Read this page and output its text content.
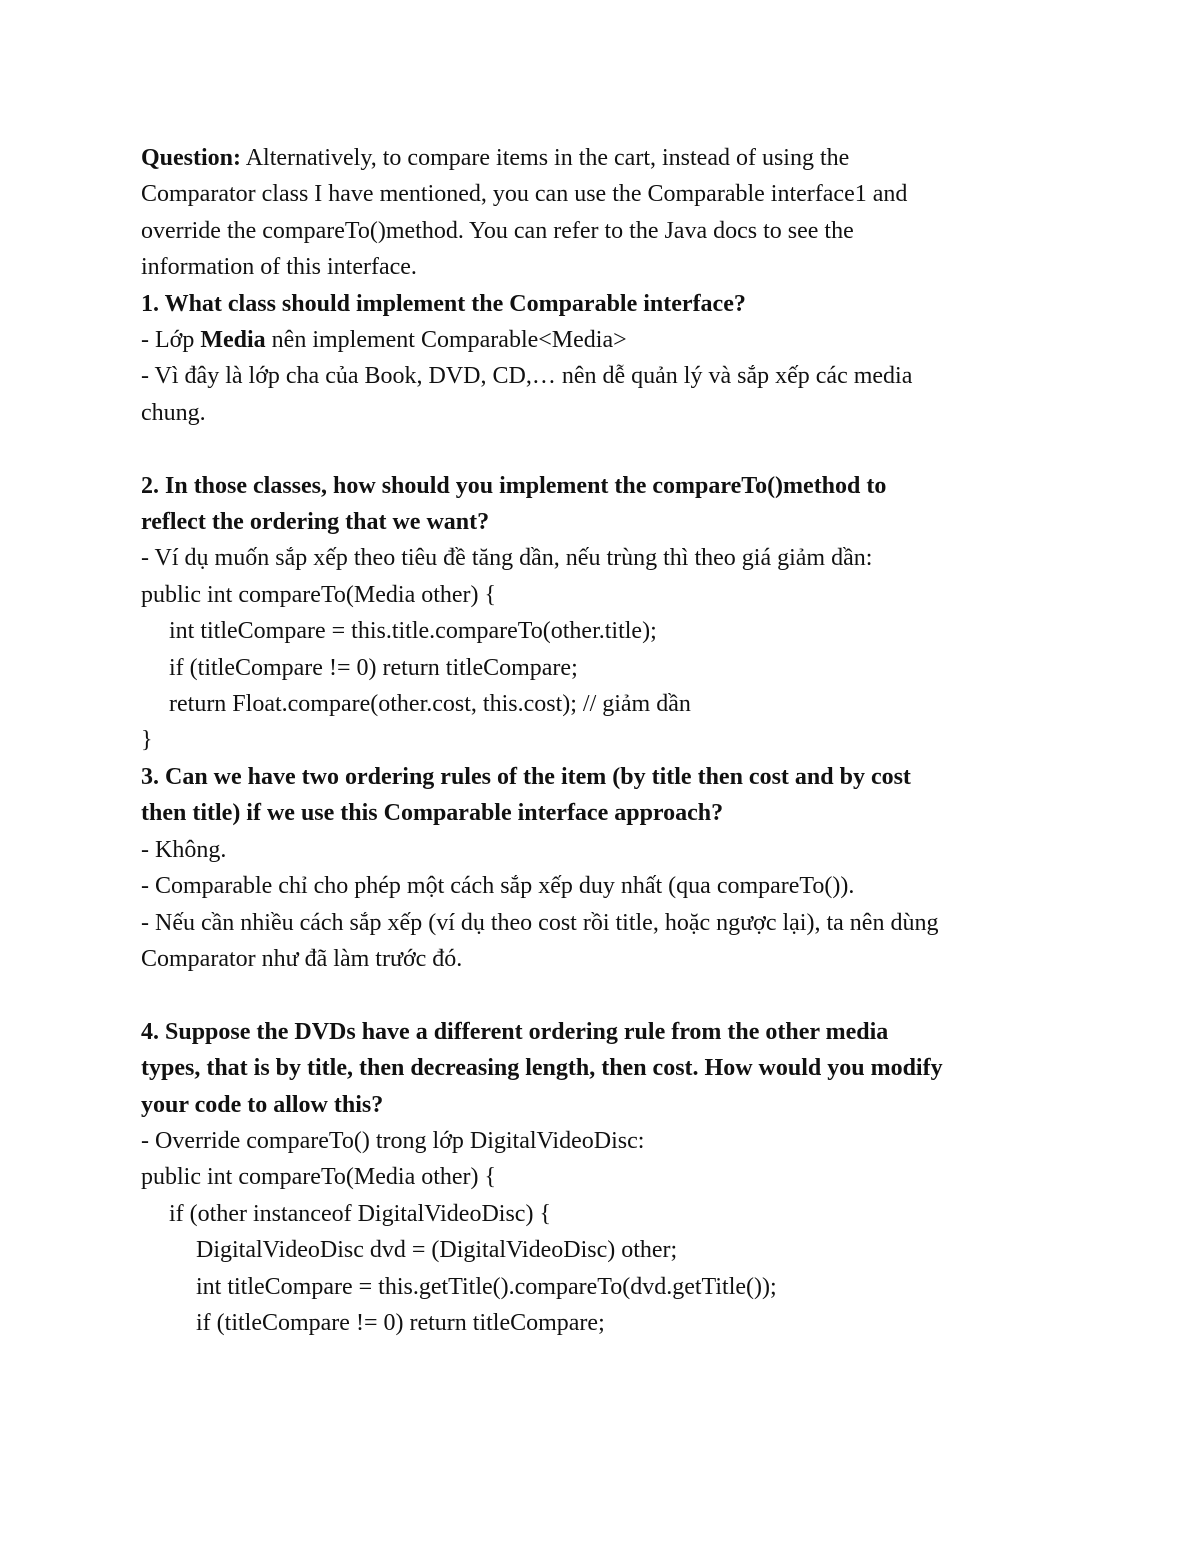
Question: Alternatively, to compare items in the cart, instead of using the
Comparator class I have mentioned, you can use the Comparable interface1 and
override the compareTo()method. You can refer to the Java docs to see the
information of this interface.
1. What class should implement the Comparable interface?
- Lớp Media nên implement Comparable<Media>
- Vì đây là lớp cha của Book, DVD, CD,… nên dễ quản lý và sắp xếp các media
chung.
2. In those classes, how should you implement the compareTo()method to
reflect the ordering that we want?
- Ví dụ muốn sắp xếp theo tiêu đề tăng dần, nếu trùng thì theo giá giảm dần:
public int compareTo(Media other) {
int titleCompare = this.title.compareTo(other.title);
if (titleCompare != 0) return titleCompare;
return Float.compare(other.cost, this.cost); // giảm dần
}
3. Can we have two ordering rules of the item (by title then cost and by cost
then title) if we use this Comparable interface approach?
- Không.
- Comparable chỉ cho phép một cách sắp xếp duy nhất (qua compareTo()).
- Nếu cần nhiều cách sắp xếp (ví dụ theo cost rồi title, hoặc ngược lại), ta nên dùng
Comparator như đã làm trước đó.
4. Suppose the DVDs have a different ordering rule from the other media
types, that is by title, then decreasing length, then cost. How would you modify
your code to allow this?
- Override compareTo() trong lớp DigitalVideoDisc:
public int compareTo(Media other) {
if (other instanceof DigitalVideoDisc) {
DigitalVideoDisc dvd = (DigitalVideoDisc) other;
int titleCompare = this.getTitle().compareTo(dvd.getTitle());
if (titleCompare != 0) return titleCompare;
